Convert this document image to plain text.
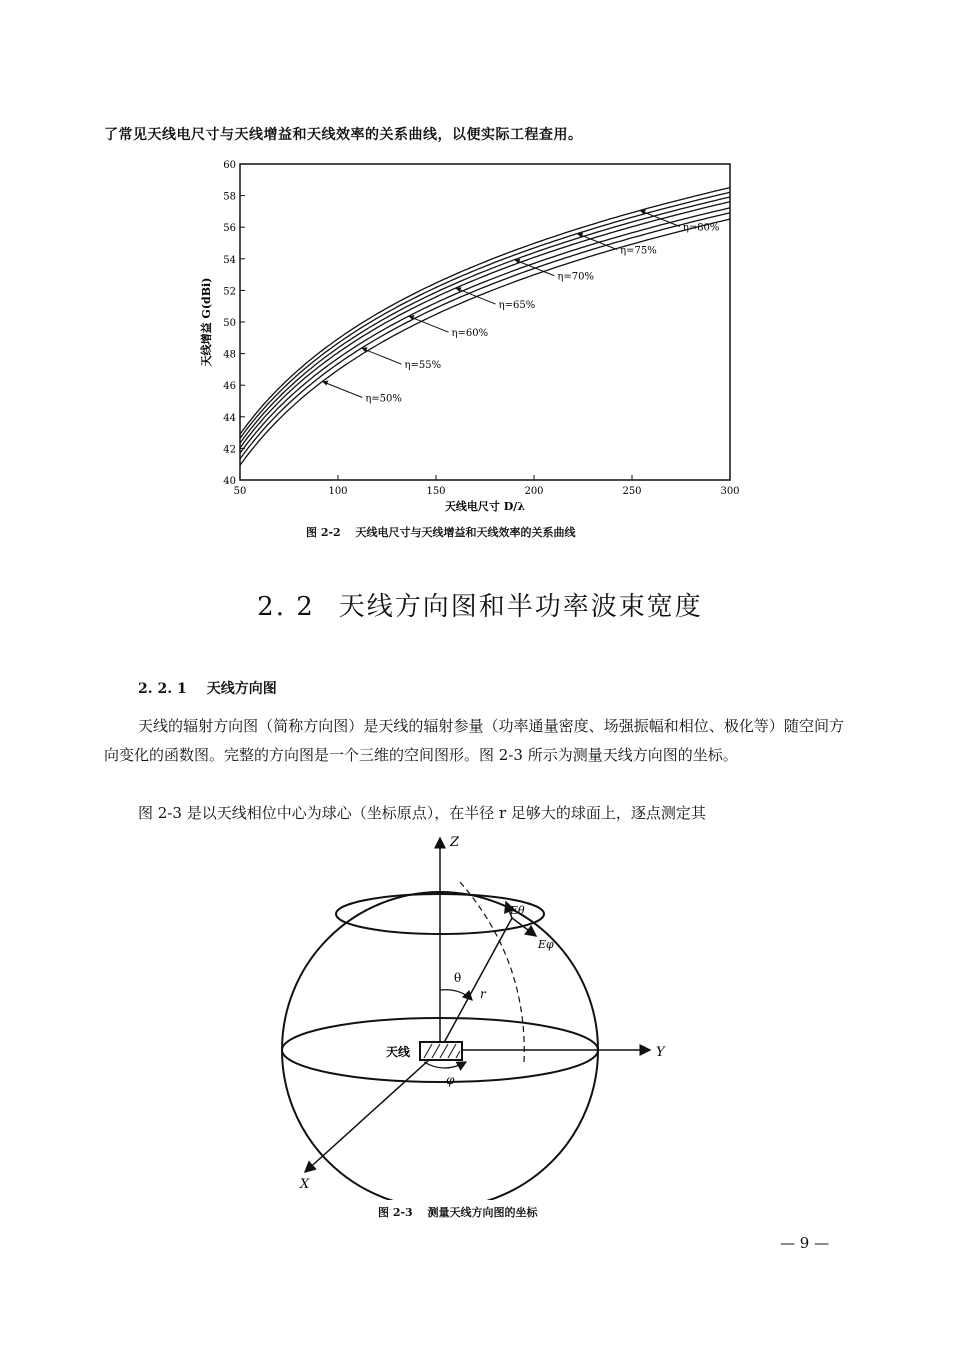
了常见天线电尺寸与天线增益和天线效率的关系曲线，以便实际工程查用。
50	100	150	200	250	300
40
42
44
46
48
50
52
54
56
58
60
天线电尺寸 D/λ
天线增益 G(dBi)
η=50%
η=55%
η=60%
η=65%
η=70%
η=75%
η=80%
图 2-2　 天线电尺寸与天线增益和天线效率的关系曲线
2. 2 天线方向图和半功率波束宽度
2. 2. 1 天线方向图
天线的辐射方向图（简称方向图）是天线的辐射参量（功率通量密度、场强振幅和相位、极化等）随空间方向变化的函数图。完整的方向图是一个三维的空间图形。图 2-3 所示为测量天线方向图的坐标。
图 2-3 是以天线相位中心为球心（坐标原点），在半径 r 足够大的球面上，逐点测定其
Z
Y
X
θ
φ
r
Eθ
Eφ
天线
图 2-3　 测量天线方向图的坐标
— 9 —
